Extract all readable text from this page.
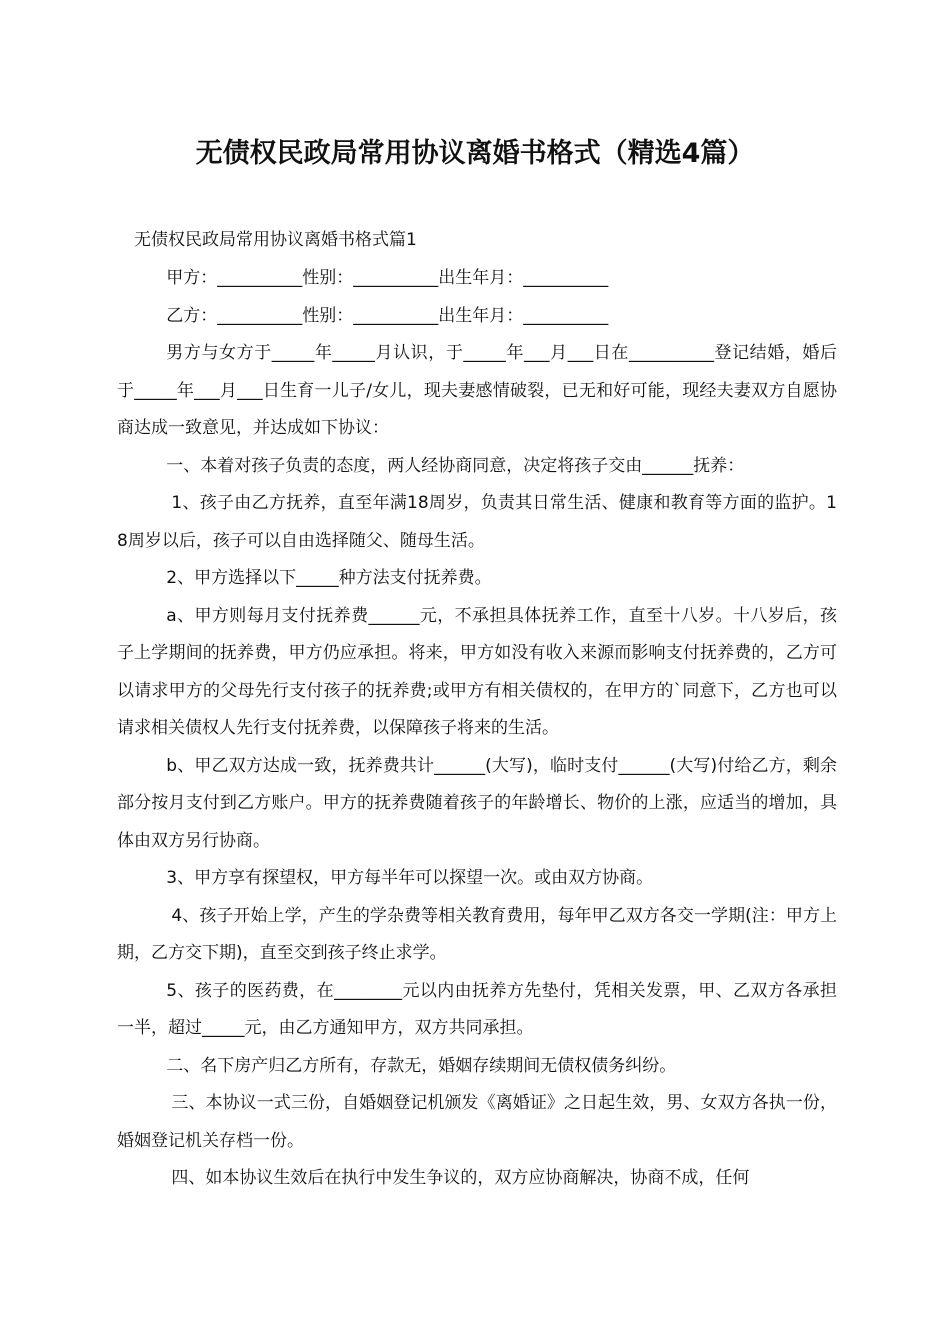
无债权民政局常用协议离婚书格式（精选4篇）
无债权民政局常用协议离婚书格式篇1

甲方：__________性别：__________出生年月：__________

乙方：__________性别：__________出生年月：__________

男方与女方于_____年_____月认识，于_____年___月___日在__________登记结婚，婚后于_____年___月___日生育一儿子/女儿，现夫妻感情破裂，已无和好可能，现经夫妻双方自愿协商达成一致意见，并达成如下协议：

一、本着对孩子负责的态度，两人经协商同意，决定将孩子交由______抚养：

1、孩子由乙方抚养，直至年满18周岁，负责其日常生活、健康和教育等方面的监护。18周岁以后，孩子可以自由选择随父、随母生活。

2、甲方选择以下_____种方法支付抚养费。

a、甲方则每月支付抚养费______元，不承担具体抚养工作，直至十八岁。十八岁后，孩子上学期间的抚养费，甲方仍应承担。将来，甲方如没有收入来源而影响支付抚养费的，乙方可以请求甲方的父母先行支付孩子的抚养费;或甲方有相关债权的，在甲方的`同意下，乙方也可以请求相关债权人先行支付抚养费，以保障孩子将来的生活。

b、甲乙双方达成一致，抚养费共计______(大写)，临时支付______(大写)付给乙方，剩余部分按月支付到乙方账户。甲方的抚养费随着孩子的年龄增长、物价的上涨，应适当的增加，具体由双方另行协商。

3、甲方享有探望权，甲方每半年可以探望一次。或由双方协商。

4、孩子开始上学，产生的学杂费等相关教育费用，每年甲乙双方各交一学期(注：甲方上期，乙方交下期)，直至交到孩子终止求学。

5、孩子的医药费，在________元以内由抚养方先垫付，凭相关发票，甲、乙双方各承担一半，超过_____元，由乙方通知甲方，双方共同承担。

二、名下房产归乙方所有，存款无，婚姻存续期间无债权债务纠纷。

三、本协议一式三份，自婚姻登记机颁发《离婚证》之日起生效，男、女双方各执一份，婚姻登记机关存档一份。

四、如本协议生效后在执行中发生争议的，双方应协商解决，协商不成，任何
